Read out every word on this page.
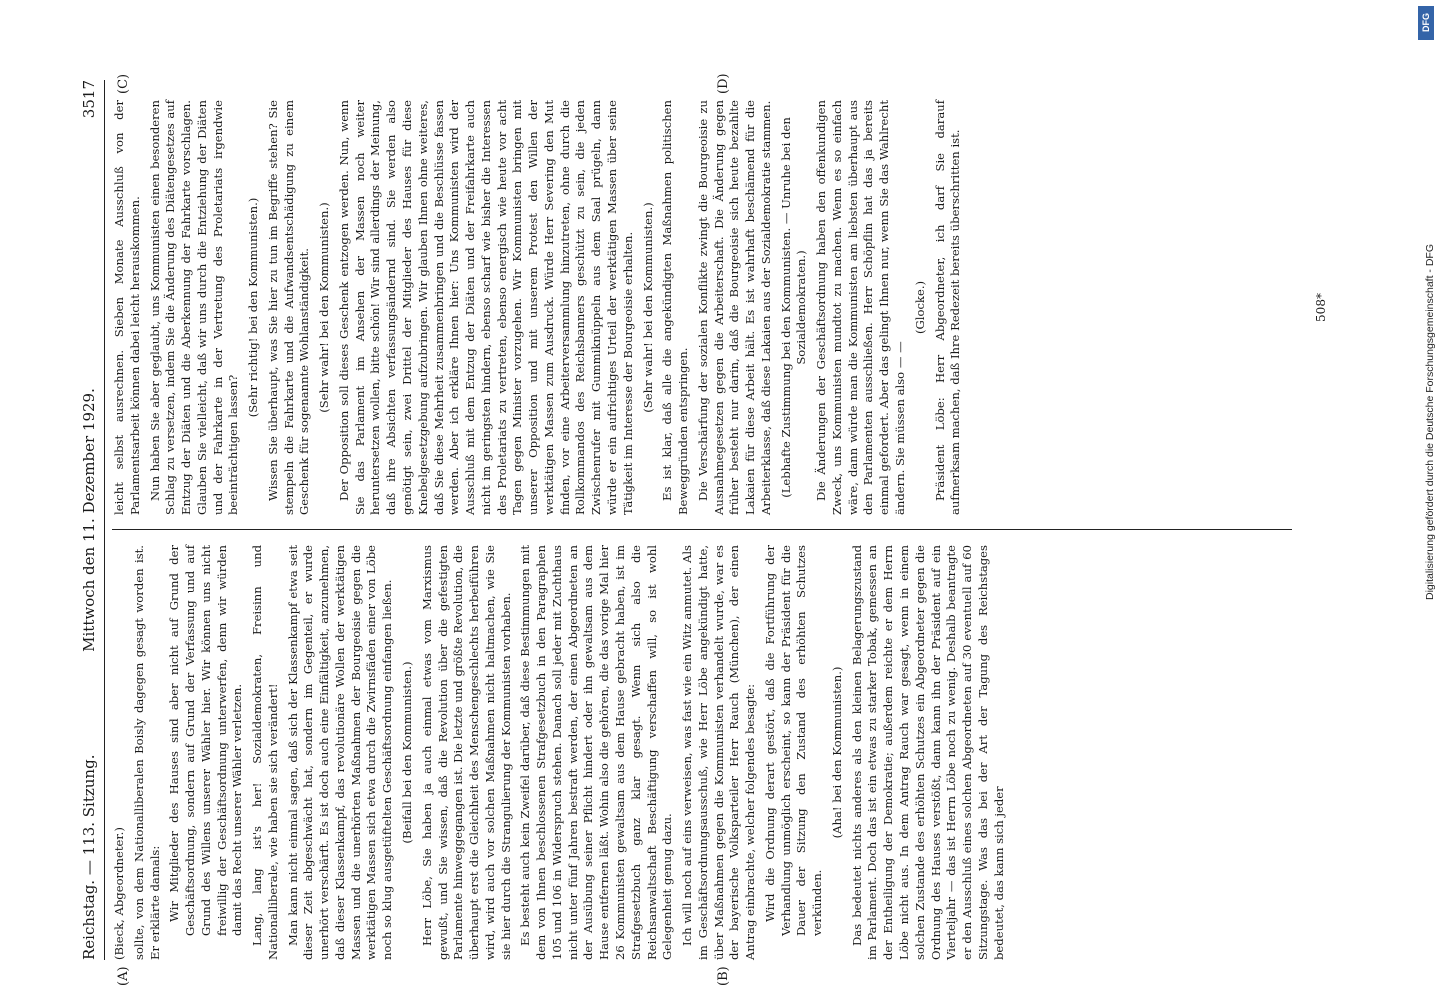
Reichstag. — 113. Sitzung.
Mittwoch den 11. Dezember 1929.
3517

(Bieck, Abgeordneter.) sollte, von dem Nationalliberalen Boisly dagegen gesagt worden ist. Er erklärte damals: Wir Mitglieder des Hauses sind aber nicht auf Grund der Geschäftsordnung, sondern auf Grund der Verfassung und auf Grund des Willens unserer Wähler hier. Wir können uns nicht freiwillig der Geschäftsordnung unterwerfen, denn wir würden damit das Recht unserer Wähler verletzen. Lang, lang ist's her! Sozialdemokraten, Freisinn und Nationalliberale, wie haben sie sich verändert! Man kann nicht einmal sagen, daß sich der Klassenkampf etwa seit dieser Zeit abgeschwächt hat, sondern im Gegenteil, er wurde unerhört verschärft. Es ist doch auch eine Einfältigkeit, anzunehmen, daß dieser Klassenkampf, das revolutionäre Wollen der werktätigen Massen und die unerhörten Maßnahmen der Bourgeoisie gegen die werktätigen Massen sich etwa durch die Zwirnsfäden einer von Löbe noch so klug ausgetüftelten Geschäftsordnung einfangen ließen. (Beifall bei den Kommunisten.) Herr Löbe, Sie haben ja auch einmal etwas vom Marxismus gewußt, und Sie wissen, daß die Revolution über die gefestigten Parlamente hinweggegangen ist. Die letzte und größte Revolution, die überhaupt erst die Gleichheit des Menschengeschlechts herbeiführen wird, wird auch vor solchen Maßnahmen nicht haltmachen, wie Sie sie hier durch die Strangulierung der Kommunisten vorhaben. Es besteht auch kein Zweifel darüber, daß diese Bestimmungen mit dem von Ihnen beschlossenen Strafgesetzbuch in den Paragraphen 105 und 106 in Widerspruch stehen. Danach soll jeder mit Zuchthaus nicht unter fünf Jahren bestraft werden, der einen Abgeordneten an der Ausübung seiner Pflicht hindert oder ihn gewaltsam aus dem Hause entfernen läßt. Wohin also die gehören, die das vorige Mal hier 26 Kommunisten gewaltsam aus dem Hause gebracht haben, ist im Strafgesetzbuch ganz klar gesagt. Wenn sich also die Reichsanwaltschaft Beschäftigung verschaffen will, so ist wohl Gelegenheit genug dazu. Ich will noch auf eins verweisen, was fast wie ein Witz anmutet. Als im Geschäftsordnungsausschuß, wie Herr Löbe angekündigt hatte, über Maßnahmen gegen die Kommunisten verhandelt wurde, war es der bayerische Volksparteiler Herr Rauch (München), der einen Antrag einbrachte, welcher folgendes besagte: Wird die Ordnung derart gestört, daß die Fortführung der Verhandlung unmöglich erscheint, so kann der Präsident für die Dauer der Sitzung den Zustand des erhöhten Schutzes verkünden.

(Aha! bei den Kommunisten.) Das bedeutet nichts anderes als den kleinen Belagerungszustand im Parlament. Doch das ist ein etwas zu starker Tobak, gemessen an der Entheiligung der Demokratie; außerdem reichte er dem Herrn Löbe nicht aus. In dem Antrag Rauch war gesagt, wenn in einem solchen Zustande des erhöhten Schutzes ein Abgeordneter gegen die Ordnung des Hauses verstößt, dann kann ihn der Präsident auf ein Vierteljahr — das ist Herrn Löbe noch zu wenig. Deshalb beantragte er den Ausschluß eines solchen Abgeordneten auf 30 eventuell auf 60 Sitzungstage. Was das bei der Art der Tagung des Reichstages bedeutet, das kann sich jeder

leicht selbst ausrechnen. Sieben Monate Ausschluß von der Parlamentsarbeit können dabei leicht herauskommen. Nun haben Sie aber geglaubt, uns Kommunisten einen besonderen Schlag zu versetzen, indem Sie die Änderung des Diätengesetzes auf Entzug der Diäten und die Aberkennung der Fahrkarte vorschlagen. Glauben Sie vielleicht, daß wir uns durch die Entziehung der Diäten und der Fahrkarte in der Vertretung des Proletariats irgendwie beeinträchtigen lassen?

(Sehr richtig! bei den Kommunisten.) Wissen Sie überhaupt, was Sie hier zu tun im Begriffe stehen? Sie stempeln die Fahrkarte und die Aufwandsentschädigung zu einem Geschenk für sogenannte Wohlanständigkeit. (Sehr wahr! bei den Kommunisten.) Der Opposition soll dieses Geschenk entzogen werden. Nun, wenn Sie das Parlament im Ansehen der Massen noch weiter heruntersetzen wollen, bitte schön! Wir sind allerdings der Meinung, daß ihre Absichten verfassungsändernd sind. Sie werden also genötigt sein, zwei Drittel der Mitglieder des Hauses für diese Knebelgesetzgebung aufzubringen. Wir glauben Ihnen ohne weiteres, daß Sie diese Mehrheit zusammenbringen und die Beschlüsse fassen werden. Aber ich erkläre Ihnen hier: Uns Kommunisten wird der Ausschluß mit dem Entzug der Diäten und der Freifahrkarte auch nicht im geringsten hindern, ebenso scharf wie bisher die Interessen des Proletariats zu vertreten, ebenso energisch wie heute vor acht Tagen gegen Minister vorzugehen. Wir Kommunisten bringen mit unserer Opposition und mit unserem Protest den Willen der werktätigen Massen zum Ausdruck. Würde Herr Severing den Mut finden, vor eine Arbeiterversammlung hinzutreten, ohne durch die Rollkommandos des Reichsbanners geschützt zu sein, die jeden Zwischenrufer mit Gummiknüppeln aus dem Saal prügeln, dann würde er ein aufrichtiges Urteil der werktätigen Massen über seine Tätigkeit im Interesse der Bourgeoisie erhalten. (Sehr wahr! bei den Kommunisten.) Es ist klar, daß alle die angekündigten Maßnahmen politischen Beweggründen entspringen. Die Verschärfung der sozialen Konflikte zwingt die Bourgeoisie zu Ausnahmegesetzen gegen die Arbeiterschaft. Die Änderung gegen früher besteht nur darin, daß die Bourgeoisie sich heute bezahlte Lakaien für diese Arbeit hält. Es ist wahrhaft beschämend für die Arbeiterklasse, daß diese Lakaien aus der Sozialdemokratie stammen. (Lebhafte Zustimmung bei den Kommunisten. — Unruhe bei den Sozialdemokraten.) Die Änderungen der Geschäftsordnung haben den offenkundigen Zweck, uns Kommunisten mundtot zu machen. Wenn es so einfach wäre, dann würde man die Kommunisten am liebsten überhaupt aus den Parlamenten ausschließen. Herr Schöpflin hat das ja bereits einmal gefordert. Aber das gelingt Ihnen nur, wenn Sie das Wahlrecht ändern. Sie müssen also — —

(Glocke.) Präsident Löbe: Herr Abgeordneter, ich darf Sie darauf aufmerksam machen, daß Ihre Redezeit bereits überschritten ist.

(A)	(B)
(C)	(D)
508*
DFG
Digitalisierung gefördert durch die Deutsche Forschungsgemeinschaft - DFG
